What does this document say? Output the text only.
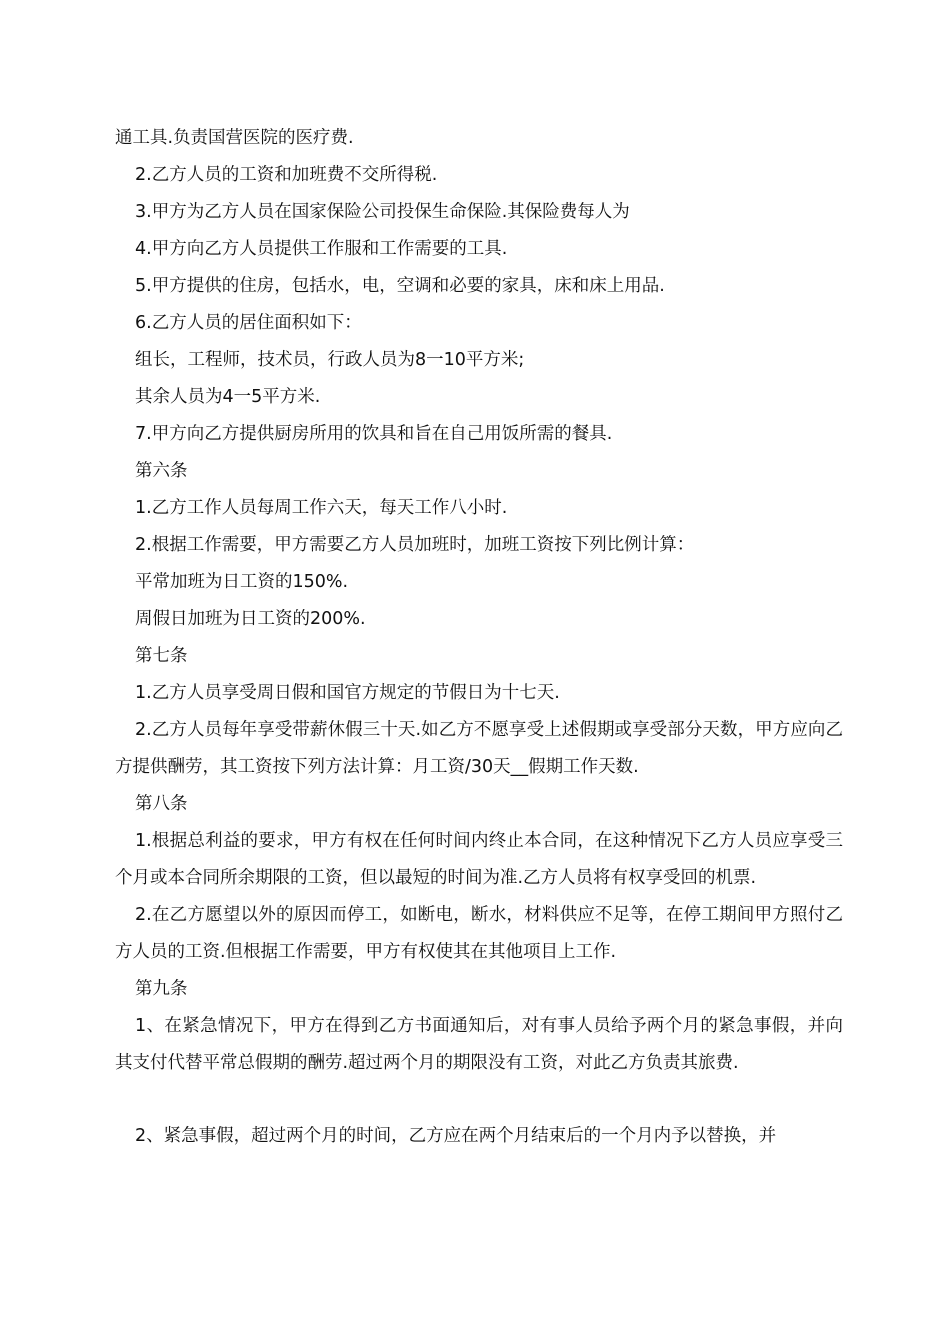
通工具.负责国营医院的医疗费.
2.乙方人员的工资和加班费不交所得税.
3.甲方为乙方人员在国家保险公司投保生命保险.其保险费每人为
4.甲方向乙方人员提供工作服和工作需要的工具.
5.甲方提供的住房，包括水，电，空调和必要的家具，床和床上用品.
6.乙方人员的居住面积如下：
组长，工程师，技术员，行政人员为8一10平方米;
其余人员为4一5平方米.
7.甲方向乙方提供厨房所用的饮具和旨在自己用饭所需的餐具.
第六条
1.乙方工作人员每周工作六天，每天工作八小时.
2.根据工作需要，甲方需要乙方人员加班时，加班工资按下列比例计算：
平常加班为日工资的150%.
周假日加班为日工资的200%.
第七条
1.乙方人员享受周日假和国官方规定的节假日为十七天.

2.乙方人员每年享受带薪休假三十天.如乙方不愿享受上述假期或享受部分天数，甲方应向乙方提供酬劳，其工资按下列方法计算：月工资/30天__假期工作天数.

第八条

1.根据总利益的要求，甲方有权在任何时间内终止本合同，在这种情况下乙方人员应享受三个月或本合同所余期限的工资，但以最短的时间为准.乙方人员将有权享受回的机票.

2.在乙方愿望以外的原因而停工，如断电，断水，材料供应不足等，在停工期间甲方照付乙方人员的工资.但根据工作需要，甲方有权使其在其他项目上工作.

第九条

1、在紧急情况下，甲方在得到乙方书面通知后，对有事人员给予两个月的紧急事假，并向其支付代替平常总假期的酬劳.超过两个月的期限没有工资，对此乙方负责其旅费.

2、紧急事假，超过两个月的时间，乙方应在两个月结束后的一个月内予以替换，并
